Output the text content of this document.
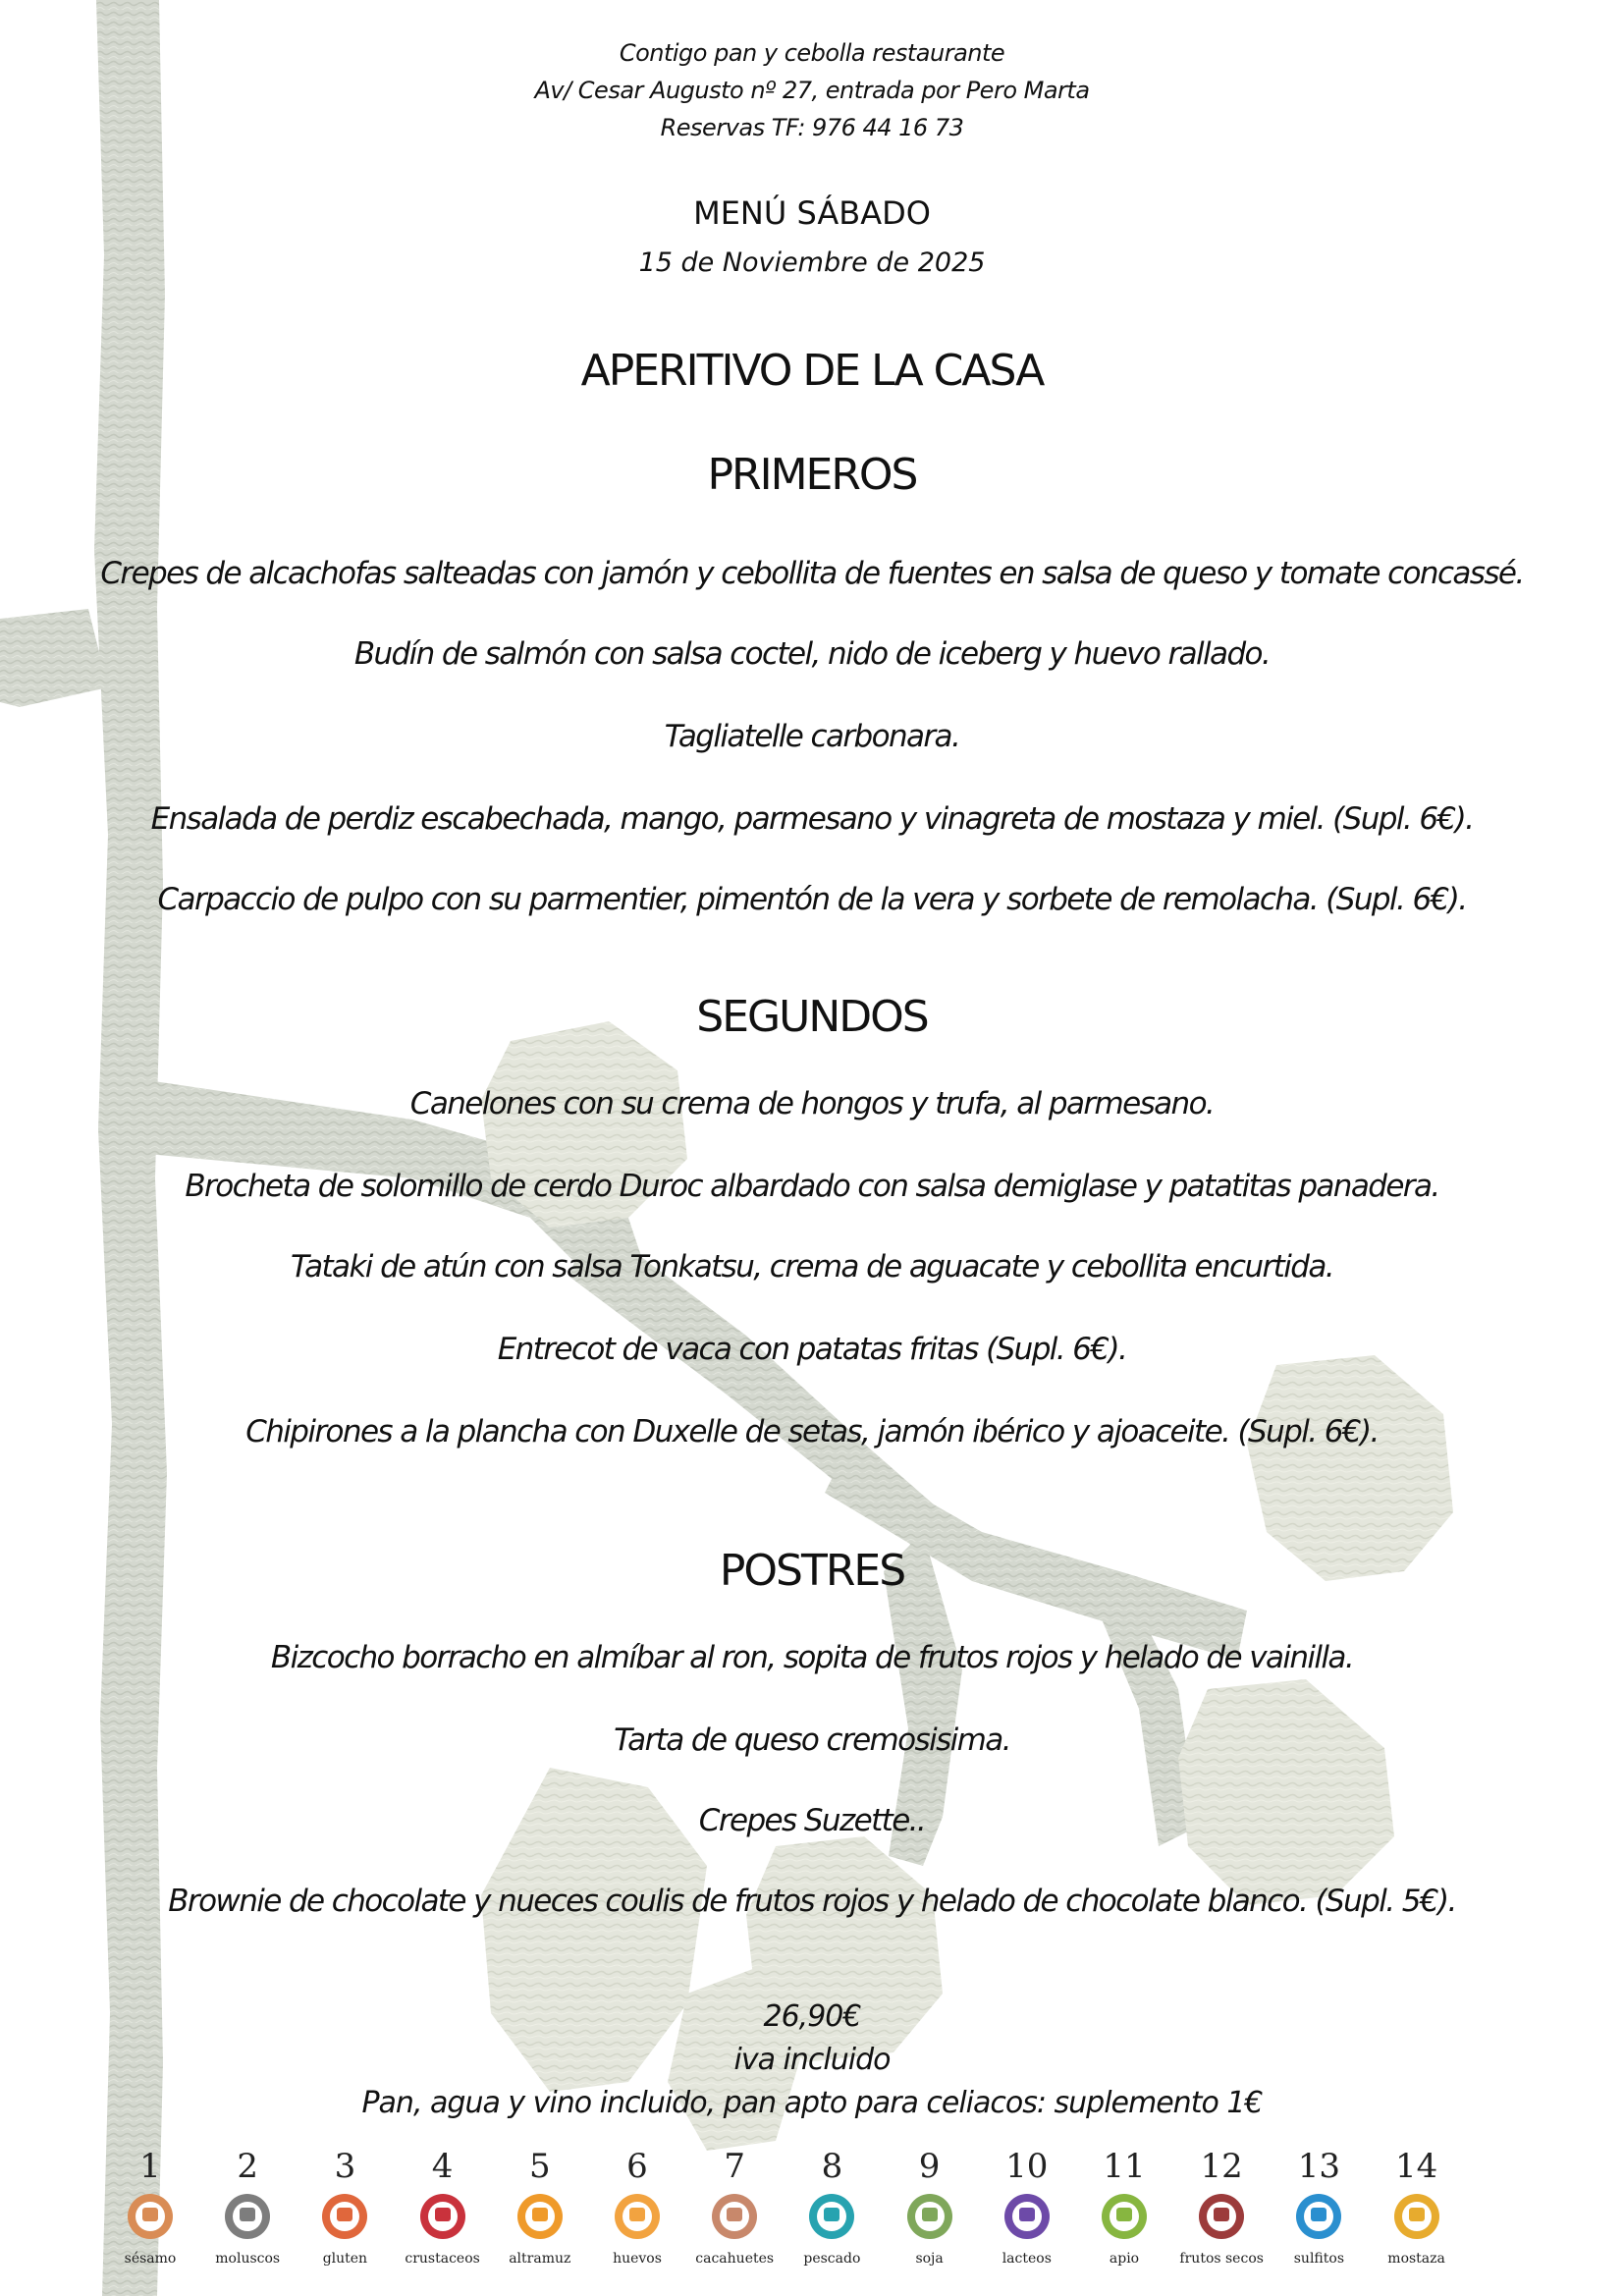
Contigo pan y cebolla restaurante
Av/ Cesar Augusto nº 27, entrada por Pero Marta
Reservas TF: 976 44 16 73
MENÚ SÁBADO
15 de Noviembre de 2025
APERITIVO DE LA CASA
PRIMEROS
Crepes de alcachofas salteadas con jamón y cebollita de fuentes en salsa de queso y tomate concassé.
Budín de salmón con salsa coctel, nido de iceberg y huevo rallado.
Tagliatelle carbonara.
Ensalada de perdiz escabechada, mango, parmesano y vinagreta de mostaza y miel. (Supl. 6€).
Carpaccio de pulpo con su parmentier, pimentón de la vera y sorbete de remolacha. (Supl. 6€).
SEGUNDOS
Canelones con su crema de hongos y trufa, al parmesano.
Brocheta de solomillo de cerdo Duroc albardado con salsa demiglase y patatitas panadera.
Tataki de atún con salsa Tonkatsu, crema de aguacate y cebollita encurtida.
Entrecot de vaca con patatas fritas (Supl. 6€).
Chipirones a la plancha con Duxelle de setas, jamón ibérico y ajoaceite. (Supl. 6€).
POSTRES
Bizcocho borracho en almíbar al ron, sopita de frutos rojos y helado de vainilla.
Tarta de queso cremosisima.
Crepes Suzette..
Brownie de chocolate y nueces coulis de frutos rojos y helado de chocolate blanco. (Supl. 5€).
26,90€
iva incluido
Pan, agua y vino incluido, pan apto para celiacos: suplemento 1€
1
sésamo
2
moluscos
3
gluten
4
crustaceos
5
altramuz
6
huevos
7
cacahuetes
8
pescado
9
soja
10
lacteos
11
apio
12
frutos secos
13
sulfitos
14
mostaza
